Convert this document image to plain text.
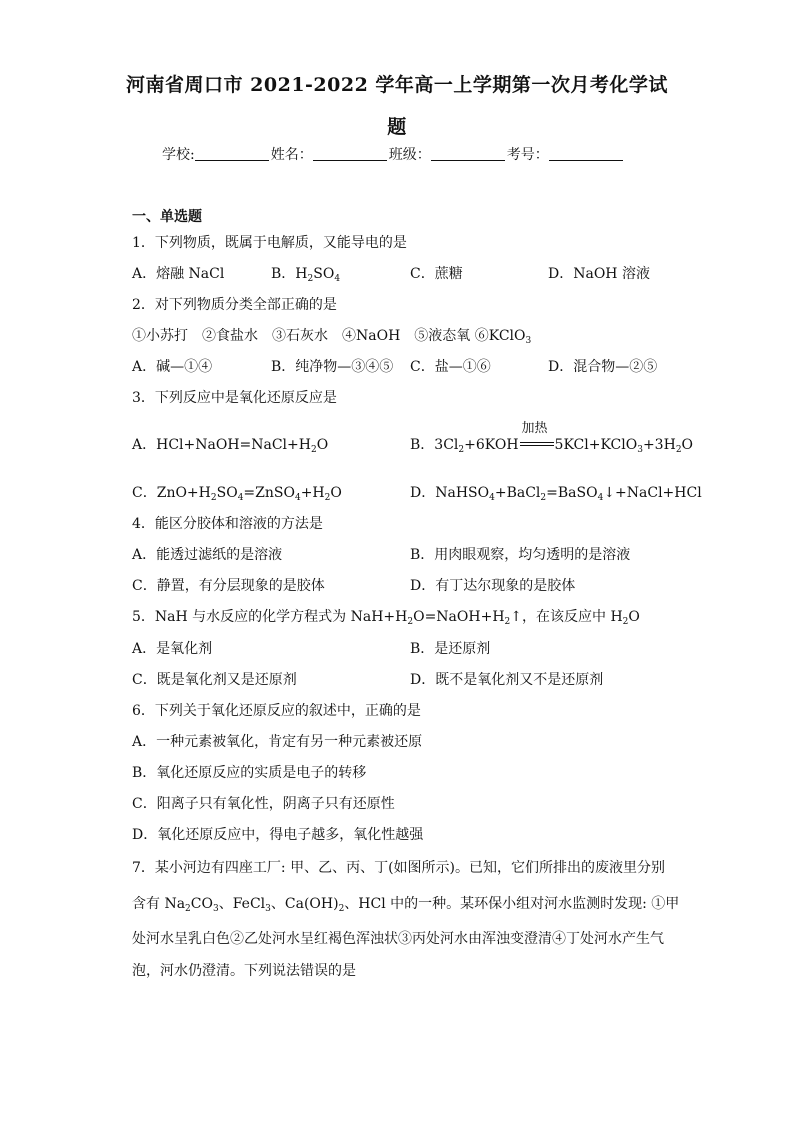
河南省周口市 2021-2022 学年高一上学期第一次月考化学试
题
学校:	姓名：	班级：	考号：
一、单选题
1．下列物质，既属于电解质，又能导电的是
A．熔融 NaCl	B．$H_2SO_4$	C．蔗糖	D．NaOH 溶液
2．对下列物质分类全部正确的是
①小苏打　②食盐水　③石灰水　④NaOH　⑤液态氧 ⑥KClO$_3$
A．碱—①④	B．纯净物—③④⑤ C．盐—①⑥	D．混合物—②⑤
3．下列反应中是氧化还原反应是
A．$HCl+NaOH=NaCl+H_2O$	B．$3Cl_2+6KOH$
加热
$5KCl+KClO_3+3H_2O$
C．$ZnO+H_2SO_4=ZnSO_4+H_2O$	D．NaHSO$_4$+BaCl$_2$=BaSO$_4$↓+NaCl+HCl
4．能区分胶体和溶液的方法是
A．能透过滤纸的是溶液	B．用肉眼观察，均匀透明的是溶液
C．静置，有分层现象的是胶体	D．有丁达尔现象的是胶体
5．NaH 与水反应的化学方程式为 $NaH+H_2O=NaOH+H_2↑$，在该反应中 $H_2O$
A．是氧化剂	B．是还原剂
C．既是氧化剂又是还原剂	D．既不是氧化剂又不是还原剂
6．下列关于氧化还原反应的叙述中，正确的是
A．一种元素被氧化，肯定有另一种元素被还原
B．氧化还原反应的实质是电子的转移
C．阳离子只有氧化性，阴离子只有还原性
D．氧化还原反应中，得电子越多，氧化性越强
7．某小河边有四座工厂: 甲、乙、丙、丁(如图所示)。已知，它们所排出的废液里分别
含有 $Na_2CO_3$、FeCl$_3$、$Ca(OH)_2$、HCl 中的一种。某环保小组对河水监测时发现: ①甲
处河水呈乳白色②乙处河水呈红褐色浑浊状③丙处河水由浑浊变澄清④丁处河水产生气
泡，河水仍澄清。下列说法错误的是
